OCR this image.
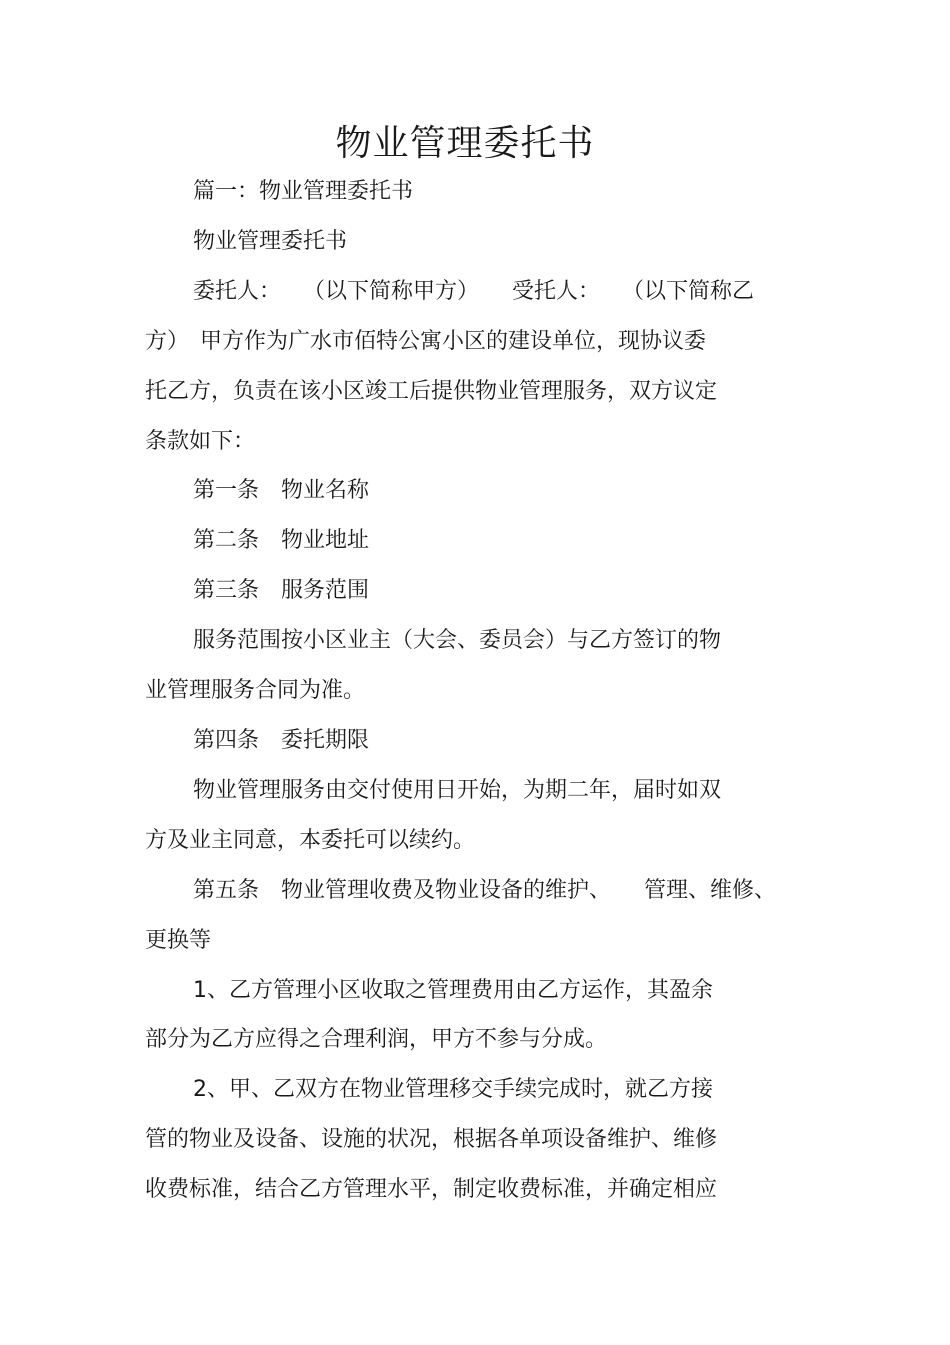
物业管理委托书
篇一：物业管理委托书
物业管理委托书
委托人：　　（以下简称甲方）　　受托人：　　（以下简称乙
方）　甲方作为广水市佰特公寓小区的建设单位，现协议委
托乙方，负责在该小区竣工后提供物业管理服务，双方议定
条款如下：
第一条　物业名称
第二条　物业地址
第三条　服务范围
服务范围按小区业主（大会、委员会）与乙方签订的物
业管理服务合同为准。
第四条　委托期限
物业管理服务由交付使用日开始，为期二年，届时如双
方及业主同意，本委托可以续约。
第五条　物业管理收费及物业设备的维护、　　管理、维修、
更换等
1、乙方管理小区收取之管理费用由乙方运作，其盈余
部分为乙方应得之合理利润，甲方不参与分成。
2、甲、乙双方在物业管理移交手续完成时，就乙方接
管的物业及设备、设施的状况，根据各单项设备维护、维修
收费标准，结合乙方管理水平，制定收费标准，并确定相应
